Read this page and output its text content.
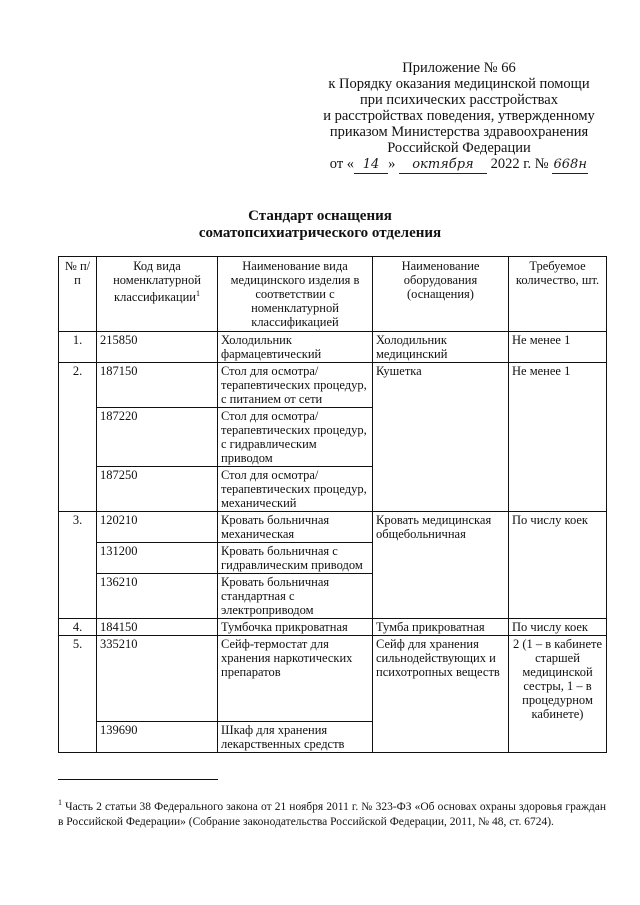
Приложение № 66
к Порядку оказания медицинской помощи
при психических расстройствах
и расстройствах поведения, утвержденному
приказом Министерства здравоохранения
Российской Федерации
от « 14 » октября 2022 г. № 668н
Стандарт оснащения
соматопсихиатрического отделения
№ п/п	Код вида номенклатурной классификации$^1$	Наименование вида медицинского изделия в соответствии с номенклатурной классификацией	Наименование оборудования (оснащения)	Требуемое количество, шт.
1.	215850	Холодильник фармацевтический	Холодильник медицинский	Не менее 1
2.	187150	Стол для осмотра/терапевтических процедур, с питанием от сети	Кушетка	Не менее 1
	187220	Стол для осмотра/терапевтических процедур, с гидравлическим приводом		
	187250	Стол для осмотра/терапевтических процедур, механический		
3.	120210	Кровать больничная механическая	Кровать медицинская общебольничная	По числу коек
	131200	Кровать больничная с гидравлическим приводом		
	136210	Кровать больничная стандартная с электроприводом		
4.	184150	Тумбочка прикроватная	Тумба прикроватная	По числу коек
5.	335210	Сейф-термостат для хранения наркотических препаратов	Сейф для хранения сильнодействующих и психотропных веществ	2 (1 – в кабинете старшей медицинской сестры, 1 – в процедурном кабинете)
	139690	Шкаф для хранения лекарственных средств		
$^1$ Часть 2 статьи 38 Федерального закона от 21 ноября 2011 г. № 323-ФЗ «Об основах охраны здоровья граждан в Российской Федерации» (Собрание законодательства Российской Федерации, 2011, № 48, ст. 6724).
